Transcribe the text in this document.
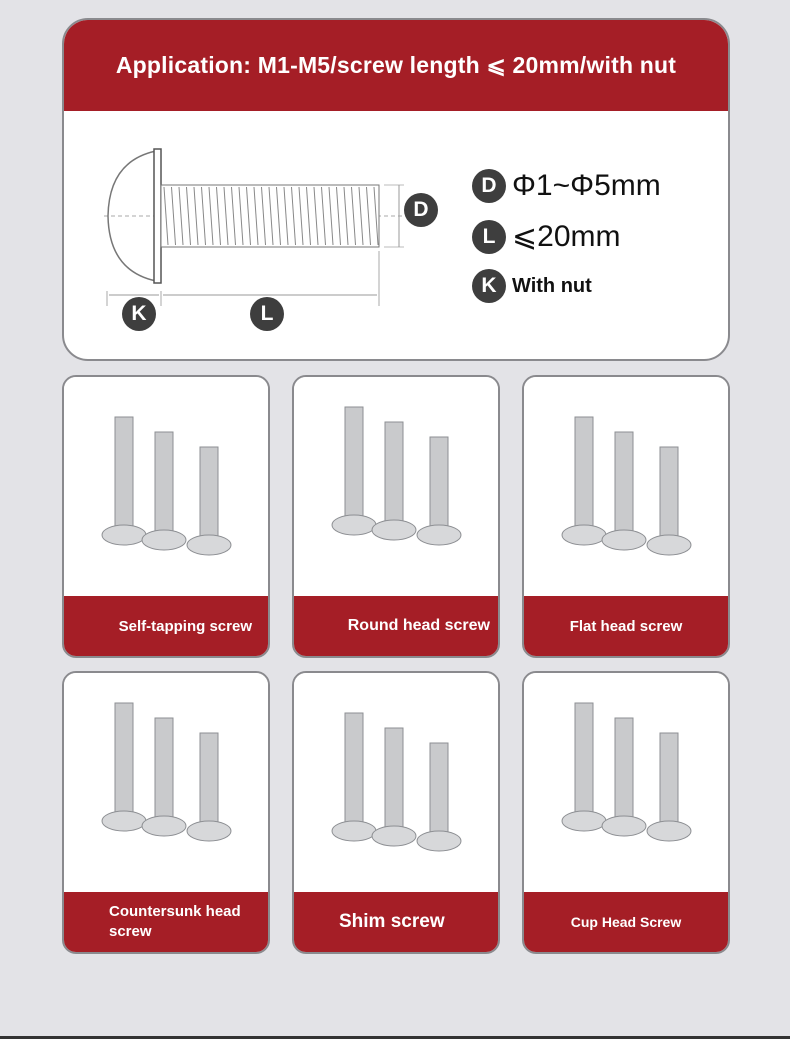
Application: M1-M5/screw length ⩽ 20mm/with nut
K	L
D
D Φ1~Φ5mm
L ⩽20mm
K With nut
Self-tapping screw	Round head screw	Flat head screw
Countersunk head screw	Shim screw	Cup Head Screw
